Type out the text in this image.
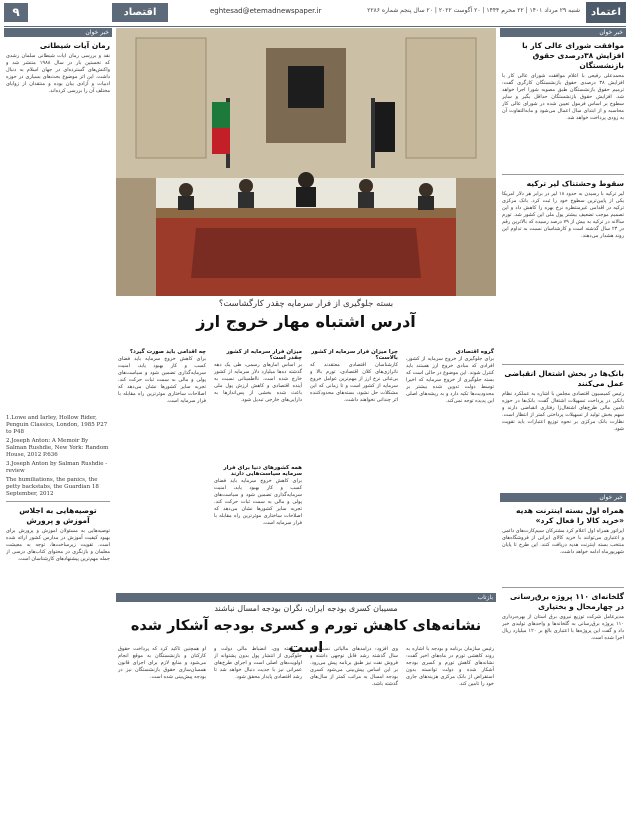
۹	اقتصاد	eghtesad@etemadnewspaper.ir	شنبه ۲۹ مرداد ۱۴۰۱ | ۲۲ محرم ۱۴۴۴ | ۲۰ آگوست ۲۰۲۲ | ۲۰ سال پنجم شماره ۲۲۸۶	اعتماد
خبر خوان
موافقت شورای عالی کار با افزایش ۳۸درصدی حقوق بازنشستگان
محمدعلی رفیعی با اعلام موافقت شورای عالی کار با افزایش ۳۸ درصدی حقوق بازنشستگان کارگری گفت: ترمیم حقوق بازنشستگان طبق مصوبه شورا اجرا خواهد شد. افزایش حقوق بازنشستگان حداقل بگیر و سایر سطوح بر اساس فرمول تعیین شده در شورای عالی کار محاسبه و از ابتدای سال اعمال می‌شود و مابه‌التفاوت آن به زودی پرداخت خواهد شد.
سقوط وحشتناک لیر ترکیه
لیر ترکیه با رسیدن به حدود ۱۸ لیر در برابر هر دلار آمریکا یکی از پایین‌ترین سطوح خود را ثبت کرد. بانک مرکزی ترکیه در اقدامی غیرمنتظره نرخ بهره را کاهش داد و این تصمیم موجب تضعیف بیشتر پول ملی این کشور شد. تورم سالانه در ترکیه به بیش از ۷۹ درصد رسیده که بالاترین رقم در ۲۴ سال گذشته است و کارشناسان نسبت به تداوم این روند هشدار می‌دهند.
بانک‌ها در بخش اشتغال انقباضی عمل می‌کنند
رئیس کمیسیون اقتصادی مجلس با اشاره به عملکرد نظام بانکی در پرداخت تسهیلات اشتغال گفت: بانک‌ها در حوزه تامین مالی طرح‌های اشتغال‌زا رفتاری انقباضی دارند و سهم بخش تولید از تسهیلات پرداختی کمتر از انتظار است. نظارت بانک مرکزی بر نحوه توزیع اعتبارات باید تقویت شود.
خبر خوان
همراه اول بسته اینترنت هدیه «خرید کالا را فعال کرد»
اپراتور همراه اول اعلام کرد مشترکان سیم‌کارت‌های دائمی و اعتباری می‌توانند با خرید کالای ایرانی از فروشگاه‌های منتخب بسته اینترنت هدیه دریافت کنند. این طرح تا پایان شهریورماه ادامه خواهد داشت.
گلخانه‌ای ۱۱۰ پروژه برق‌رسانی در چهارمحال و بختیاری
مدیرعامل شرکت توزیع نیروی برق استان از بهره‌برداری ۱۱۰ پروژه برق‌رسانی به گلخانه‌ها و واحدهای تولیدی خبر داد و گفت این پروژه‌ها با اعتباری بالغ بر ۱۲۰ میلیارد ریال اجرا شده است.
خبر خوان
رمان آیات شیطانی
نقد و بررسی رمان آیات شیطانی سلمان رشدی که نخستین بار در سال ۱۹۸۸ منتشر شد و واکنش‌های گسترده‌ای در جهان اسلام به دنبال داشت. این اثر موضوع بحث‌های بسیاری در حوزه ادبیات و آزادی بیان بوده و منتقدان از زوایای مختلف آن را بررسی کرده‌اند.
1.Lowe and Iarley, Hollow Rider, Penguin Classics, London, 1985 P27 to P48
2.Joseph Anton: A Memoir By Salman Rushdie, New York: Random House, 2012 P.636
3.Joseph Anton by Salman Rushdie - review
The humiliations, the panics, the petty backstabs, the Guardian 18 September, 2012
توصیه‌هایی به اجلاس آموزش و پرورش
توصیه‌هایی به مسئولان آموزش و پرورش برای بهبود کیفیت آموزش در مدارس کشور ارائه شده است. تقویت زیرساخت‌ها، توجه به معیشت معلمان و بازنگری در محتوای کتاب‌های درسی از جمله مهم‌ترین پیشنهادهای کارشناسان است.

بسته جلوگیری از فرار سرمایه چقدر کارگشاست؟

آدرس اشتباه مهار خروج ارز

گروه اقتصادی
برای جلوگیری از خروج سرمایه از کشور، افرادی که مبادی خروج ارز هستند باید کنترل شوند. این موضوع در حالی است که بسته جلوگیری از خروج سرمایه که اخیرا توسط دولت تدوین شده بیشتر بر محدودیت‌ها تکیه دارد و به ریشه‌های اصلی این پدیده توجه نمی‌کند.
چرا میزان فرار سرمایه از کشور بالاست؟
کارشناسان اقتصادی معتقدند که ناترازی‌های کلان اقتصادی، تورم بالا و بی‌ثباتی نرخ ارز از مهم‌ترین عوامل خروج سرمایه از کشور است و تا زمانی که این مشکلات حل نشود، بسته‌های محدودکننده اثر چندانی نخواهند داشت.
میزان فرار سرمایه از کشور چقدر است؟
بر اساس آمارهای رسمی، طی یک دهه گذشته ده‌ها میلیارد دلار سرمایه از کشور خارج شده است. نااطمینانی نسبت به آینده اقتصادی و کاهش ارزش پول ملی باعث شده بخشی از پس‌اندازها به دارایی‌های خارجی تبدیل شود.
همه کشورهای دنیا برای فرار سرمایه سیاست‌هایی دارند
برای کاهش خروج سرمایه باید فضای کسب و کار بهبود یابد، امنیت سرمایه‌گذاری تضمین شود و سیاست‌های پولی و مالی به سمت ثبات حرکت کند. تجربه سایر کشورها نشان می‌دهد که اصلاحات ساختاری موثرترین راه مقابله با فرار سرمایه است.
چه اقدامی باید صورت گیرد؟
برای کاهش خروج سرمایه باید فضای کسب و کار بهبود یابد، امنیت سرمایه‌گذاری تضمین شود و سیاست‌های پولی و مالی به سمت ثبات حرکت کند. تجربه سایر کشورها نشان می‌دهد که اصلاحات ساختاری موثرترین راه مقابله با فرار سرمایه است.
بازتاب

مسیبان کسری بودجه ایران، نگران بودجه امسال نباشند

نشانه‌های کاهش تورم و کسری بودجه آشکار شده است	رئیس سازمان برنامه و بودجه با اشاره به روند کاهشی تورم در ماه‌های اخیر گفت: نشانه‌های کاهش تورم و کسری بودجه آشکار شده و دولت توانسته بدون استقراض از بانک مرکزی هزینه‌های جاری خود را تامین کند.
وی افزود: درآمدهای مالیاتی نسبت به سال گذشته رشد قابل توجهی داشته و فروش نفت نیز طبق برنامه پیش می‌رود. بر این اساس پیش‌بینی می‌شود کسری بودجه امسال به مراتب کمتر از سال‌های گذشته باشد.
به گفته وی، انضباط مالی دولت و جلوگیری از انتشار پول بدون پشتوانه از اولویت‌های اصلی است و اجرای طرح‌های عمرانی نیز با جدیت دنبال خواهد شد تا رشد اقتصادی پایدار محقق شود.
او همچنین تاکید کرد که پرداخت حقوق کارکنان و بازنشستگان به موقع انجام می‌شود و منابع لازم برای اجرای قانون همسان‌سازی حقوق بازنشستگان نیز در بودجه پیش‌بینی شده است.
